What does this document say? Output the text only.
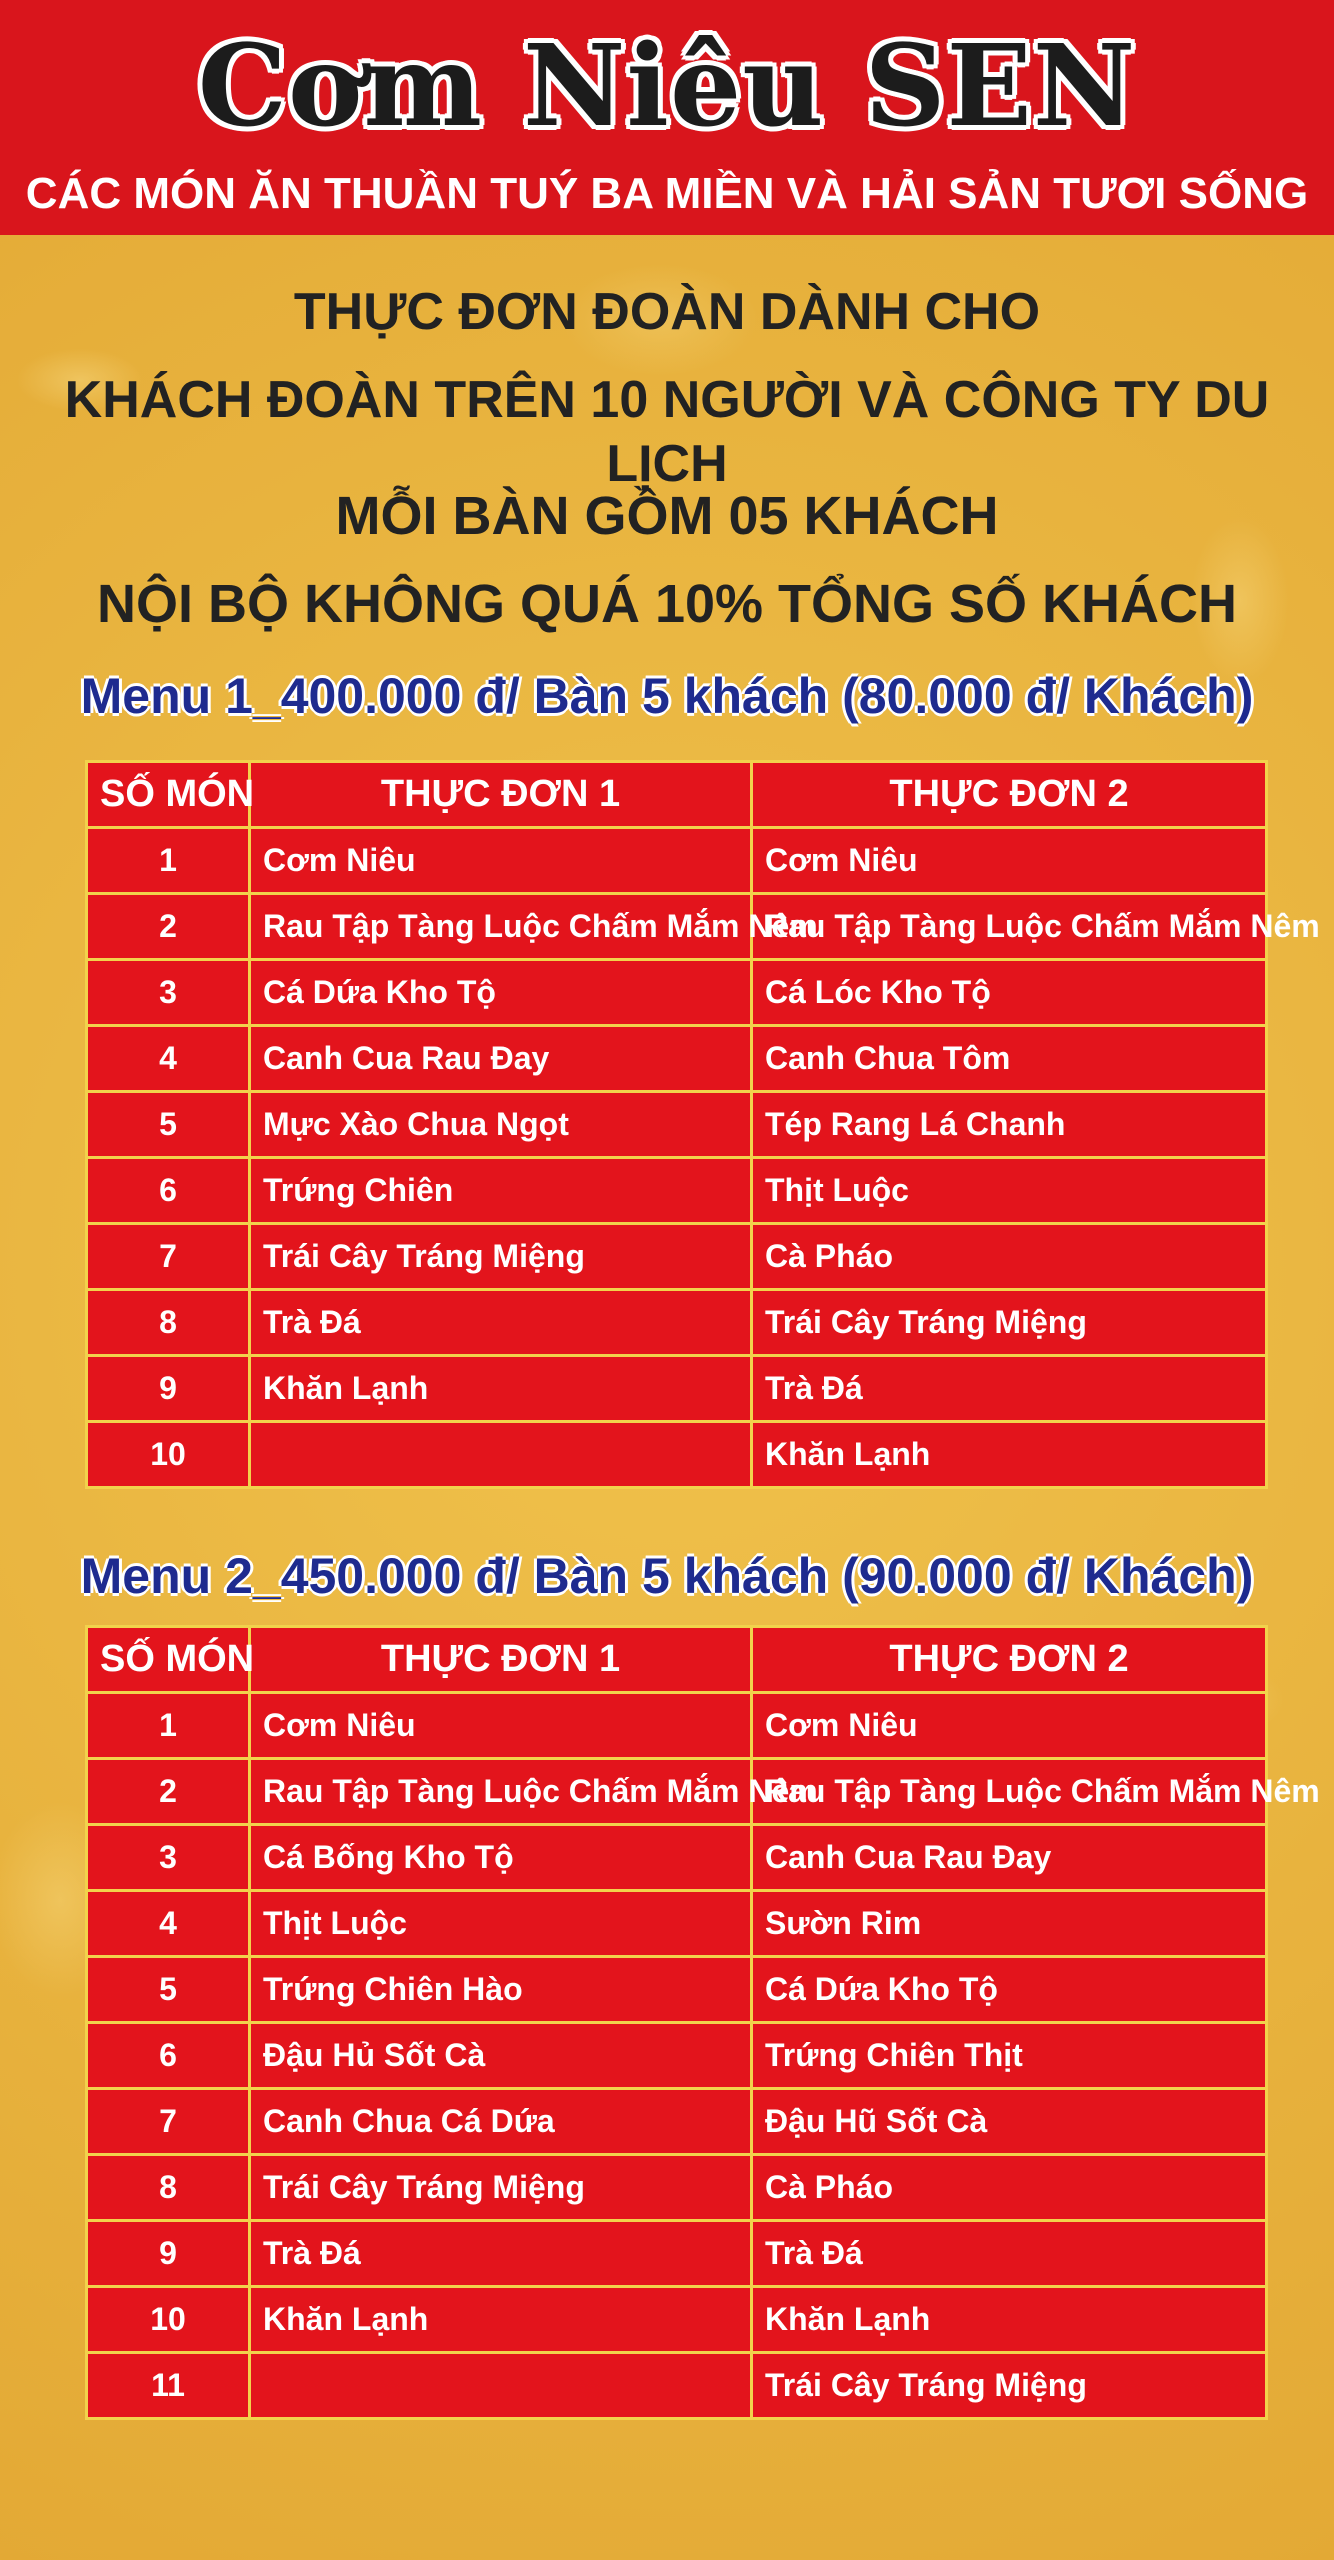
Cơm Niêu SEN
CÁC MÓN ĂN THUẦN TUÝ BA MIỀN VÀ HẢI SẢN TƯƠI SỐNG
THỰC ĐƠN ĐOÀN DÀNH CHO
KHÁCH ĐOÀN TRÊN 10 NGƯỜI VÀ CÔNG TY DU LỊCH
MỖI BÀN GỒM 05 KHÁCH
NỘI BỘ KHÔNG QUÁ 10% TỔNG SỐ KHÁCH
Menu 1_400.000 đ/ Bàn 5 khách (80.000 đ/ Khách)
SỐ MÓN	THỰC ĐƠN 1	THỰC ĐƠN 2
1	Cơm Niêu	Cơm Niêu
2	Rau Tập Tàng Luộc Chấm Mắm Nêm	Rau Tập Tàng Luộc Chấm Mắm Nêm
3	Cá Dứa Kho Tộ	Cá Lóc Kho Tộ
4	Canh Cua Rau Đay	Canh Chua Tôm
5	Mực Xào Chua Ngọt	Tép Rang Lá Chanh
6	Trứng Chiên	Thịt Luộc
7	Trái Cây Tráng Miệng	Cà Pháo
8	Trà Đá	Trái Cây Tráng Miệng
9	Khăn Lạnh	Trà Đá
10		Khăn Lạnh
Menu 2_450.000 đ/ Bàn 5 khách (90.000 đ/ Khách)
SỐ MÓN	THỰC ĐƠN 1	THỰC ĐƠN 2
1	Cơm Niêu	Cơm Niêu
2	Rau Tập Tàng Luộc Chấm Mắm Nêm	Rau Tập Tàng Luộc Chấm Mắm Nêm
3	Cá Bống Kho Tộ	Canh Cua Rau Đay
4	Thịt Luộc	Sườn Rim
5	Trứng Chiên Hào	Cá Dứa Kho Tộ
6	Đậu Hủ Sốt Cà	Trứng Chiên Thịt
7	Canh Chua Cá Dứa	Đậu Hũ Sốt Cà
8	Trái Cây Tráng Miệng	Cà Pháo
9	Trà Đá	Trà Đá
10	Khăn Lạnh	Khăn Lạnh
11		Trái Cây Tráng Miệng
